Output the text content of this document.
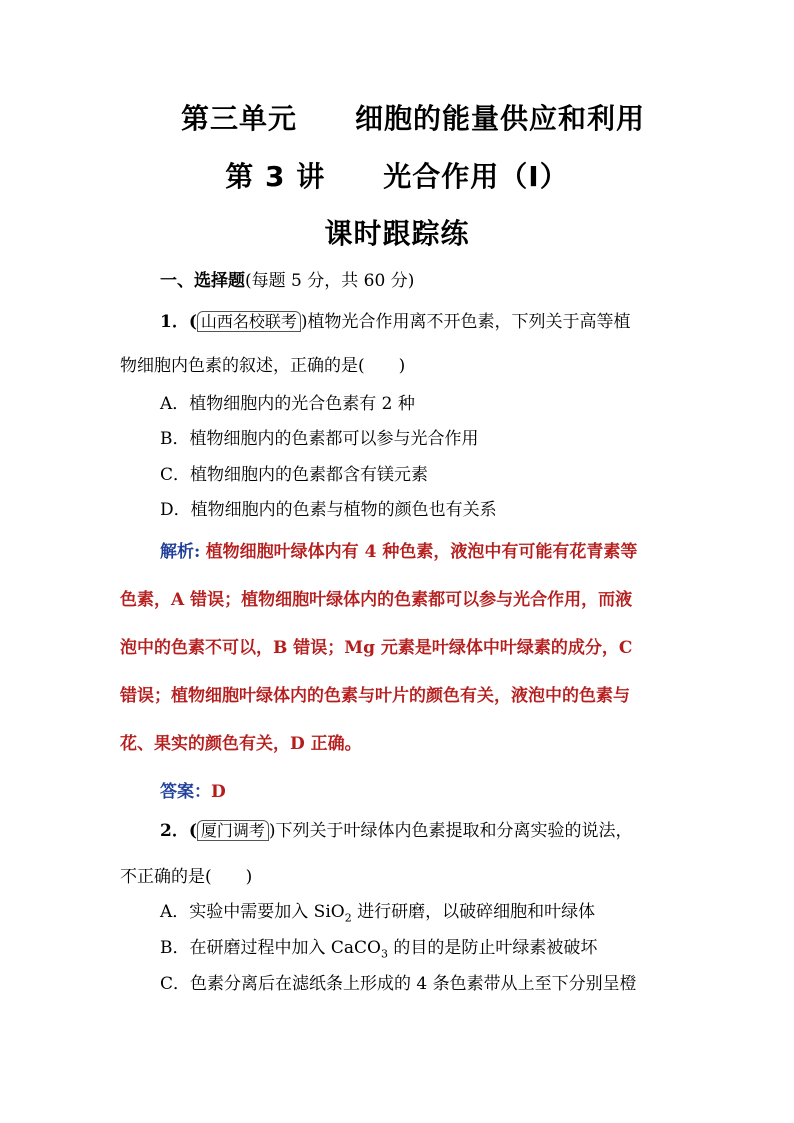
第三单元　　细胞的能量供应和利用
第 3 讲　　光合作用（Ⅰ）
课时跟踪练
一、选择题(每题 5 分，共 60 分)
1．( 山西名校联考 )植物光合作用离不开色素，下列关于高等植
物细胞内色素的叙述，正确的是(　　)
A．植物细胞内的光合色素有 2 种
B．植物细胞内的色素都可以参与光合作用
C．植物细胞内的色素都含有镁元素
D．植物细胞内的色素与植物的颜色也有关系
解析: 植物细胞叶绿体内有 4 种色素，液泡中有可能有花青素等
色素，A 错误；植物细胞叶绿体内的色素都可以参与光合作用，而液
泡中的色素不可以，B 错误；Mg 元素是叶绿体中叶绿素的成分，C
错误；植物细胞叶绿体内的色素与叶片的颜色有关，液泡中的色素与
花、果实的颜色有关，D 正确。
答案：D
2．( 厦门调考 )下列关于叶绿体内色素提取和分离实验的说法，
不正确的是(　　)
A．实验中需要加入 SiO$_2$ 进行研磨，以破碎细胞和叶绿体
B．在研磨过程中加入 CaCO$_3$ 的目的是防止叶绿素被破坏
C．色素分离后在滤纸条上形成的 4 条色素带从上至下分别呈橙
